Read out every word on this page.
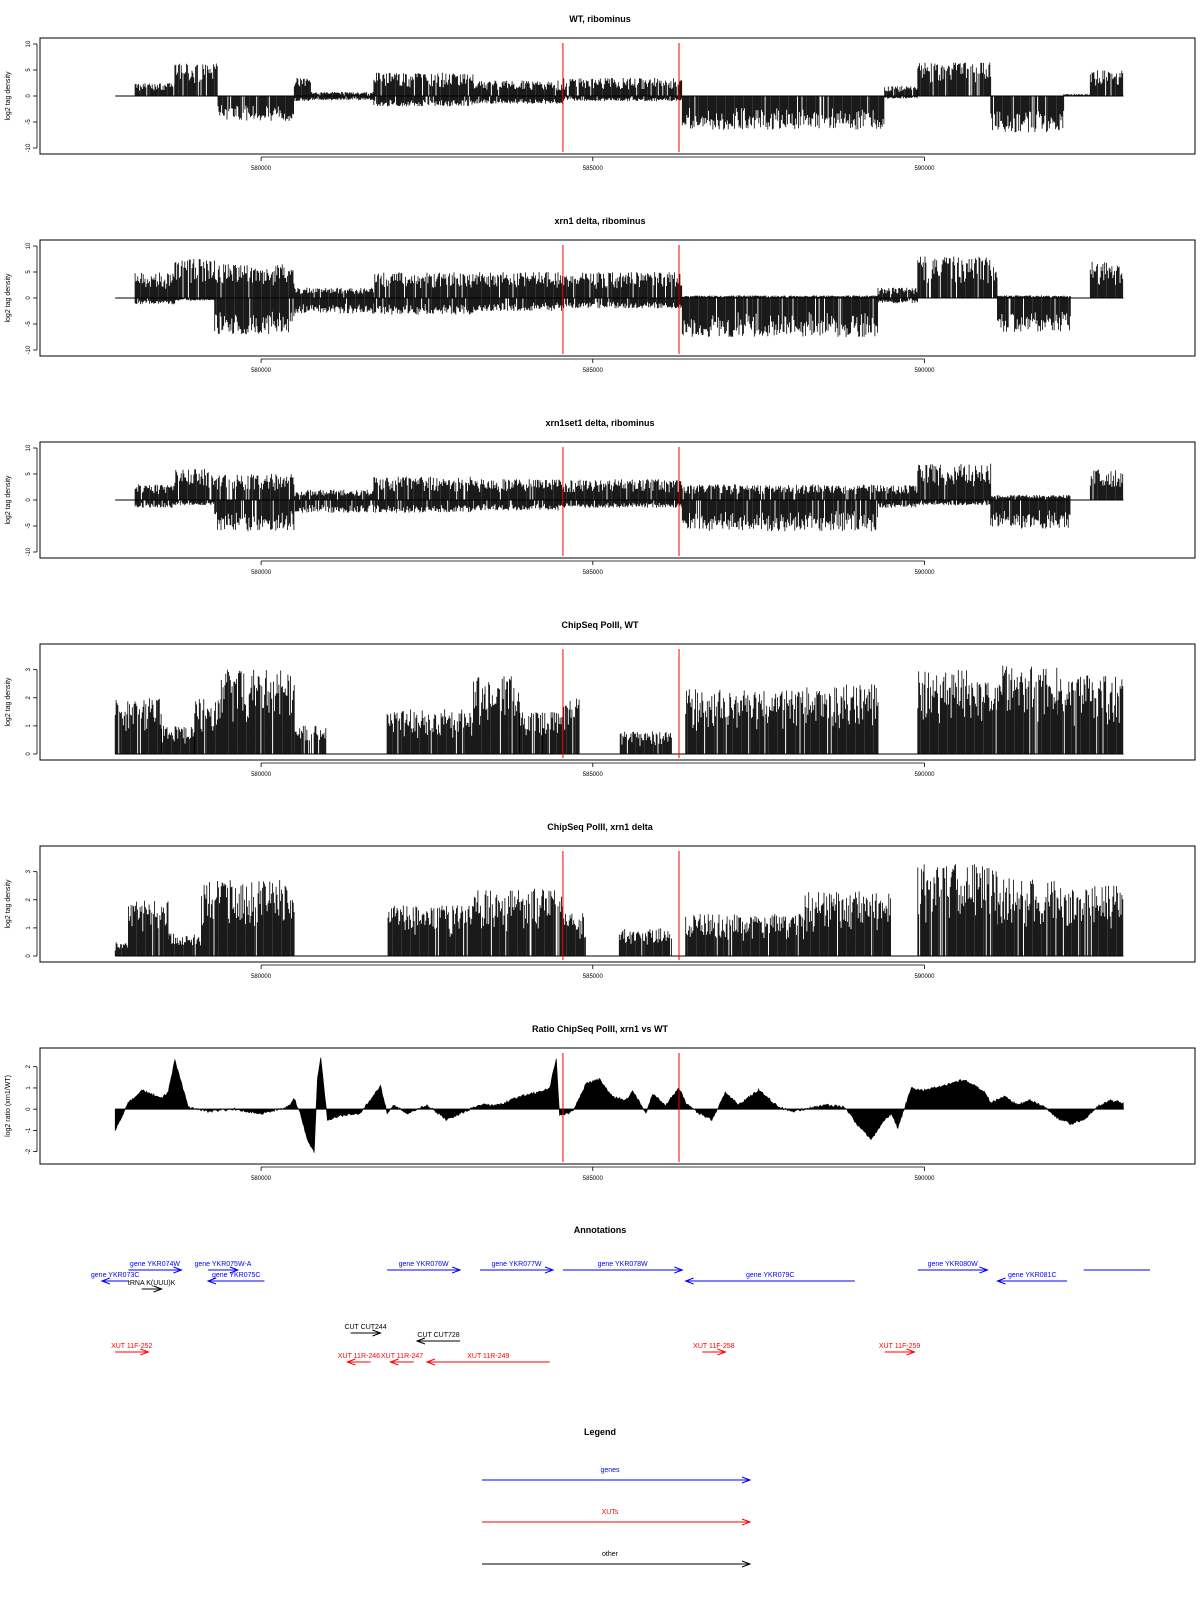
WT, ribominus
-10
-5
0
5
10
log2 tag density
580000	585000	590000
xrn1 delta, ribominus
-10
-5
0
5
10
log2 tag density
580000	585000	590000
xrn1set1 delta, ribominus
-10
-5
0
5
10
log2 tag density
580000	585000	590000
ChipSeq PolII, WT
0
1
2
3
log2 tag density
580000	585000	590000
ChipSeq PolII, xrn1 delta
0
1
2
3
log2 tag density
580000	585000	590000
Ratio ChipSeq PolII, xrn1 vs WT
-2
-1
0
1
2
log2 ratio (xrn1/WT)
580000	585000	590000
Annotations
gene YKR073C
gene YKR074W gene YKR075W-A
gene YKR075C
tRNA K(UUU)K
gene YKR076W	gene YKR077W	gene YKR078W
gene YKR079C
gene YKR080W
gene YKR081C
CUT CUT244
CUT CUT728
XUT 11F-252
XUT 11R-246 XUT 11R-247	XUT 11R-249
XUT 11F-258	XUT 11F-259
Legend
genes
XUTs
other
